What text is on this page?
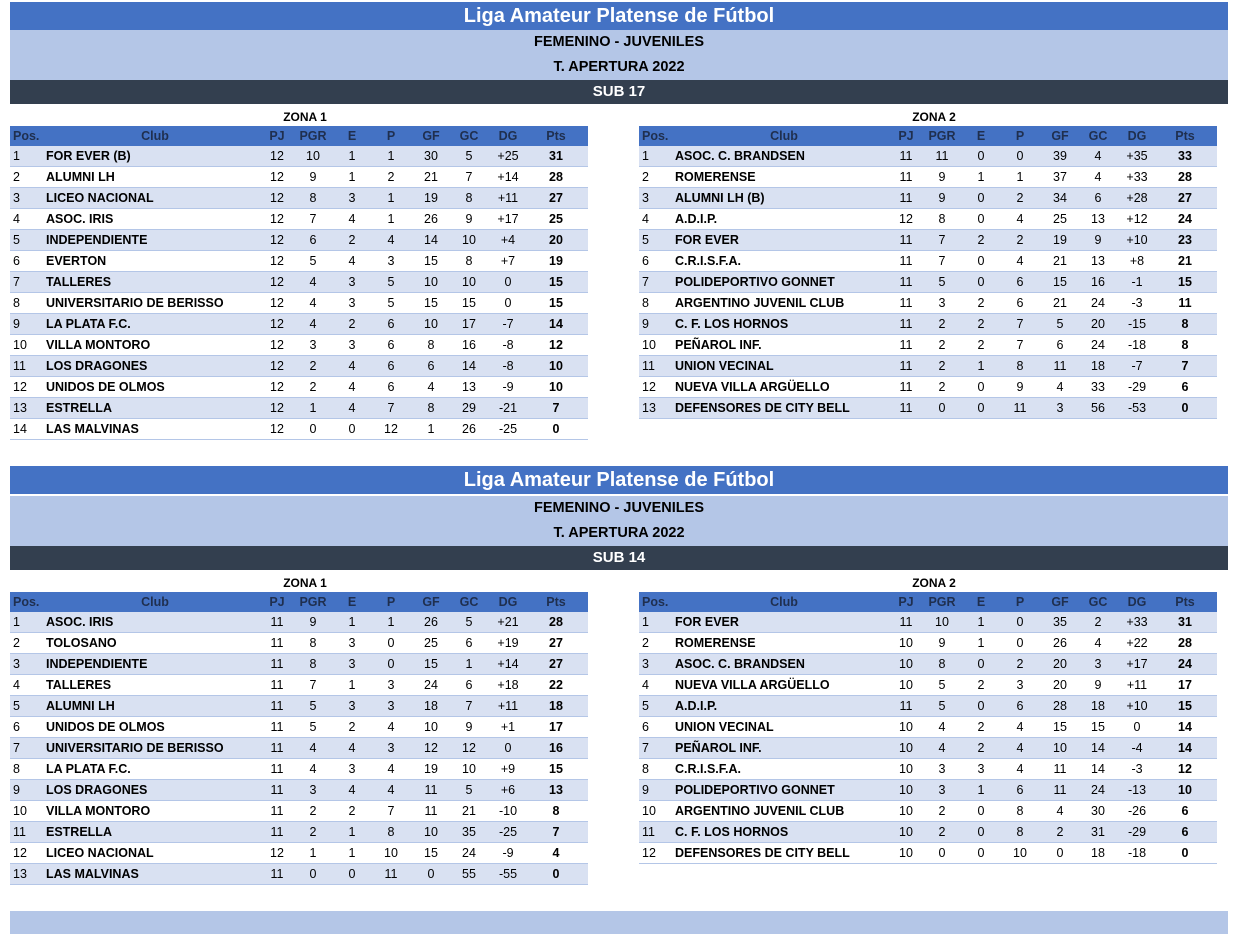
Liga Amateur Platense de Fútbol
FEMENINO - JUVENILES
T. APERTURA 2022
SUB 17
ZONA 1
Pos.	Club	PJ	PGR	E	P	GF	GC	DG	Pts
1	FOR EVER (B)	12	10	1	1	30	5	+25	31
2	ALUMNI LH	12	9	1	2	21	7	+14	28
3	LICEO NACIONAL	12	8	3	1	19	8	+11	27
4	ASOC. IRIS	12	7	4	1	26	9	+17	25
5	INDEPENDIENTE	12	6	2	4	14	10	+4	20
6	EVERTON	12	5	4	3	15	8	+7	19
7	TALLERES	12	4	3	5	10	10	0	15
8	UNIVERSITARIO DE BERISSO	12	4	3	5	15	15	0	15
9	LA PLATA F.C.	12	4	2	6	10	17	-7	14
10	VILLA MONTORO	12	3	3	6	8	16	-8	12
11	LOS DRAGONES	12	2	4	6	6	14	-8	10
12	UNIDOS DE OLMOS	12	2	4	6	4	13	-9	10
13	ESTRELLA	12	1	4	7	8	29	-21	7
14	LAS MALVINAS	12	0	0	12	1	26	-25	0
ZONA 2
Pos.	Club	PJ	PGR	E	P	GF	GC	DG	Pts
1	ASOC. C. BRANDSEN	11	11	0	0	39	4	+35	33
2	ROMERENSE	11	9	1	1	37	4	+33	28
3	ALUMNI LH (B)	11	9	0	2	34	6	+28	27
4	A.D.I.P.	12	8	0	4	25	13	+12	24
5	FOR EVER	11	7	2	2	19	9	+10	23
6	C.R.I.S.F.A.	11	7	0	4	21	13	+8	21
7	POLIDEPORTIVO GONNET	11	5	0	6	15	16	-1	15
8	ARGENTINO JUVENIL CLUB	11	3	2	6	21	24	-3	11
9	C. F. LOS HORNOS	11	2	2	7	5	20	-15	8
10	PEÑAROL INF.	11	2	2	7	6	24	-18	8
11	UNION VECINAL	11	2	1	8	11	18	-7	7
12	NUEVA VILLA ARGÜELLO	11	2	0	9	4	33	-29	6
13	DEFENSORES DE CITY BELL	11	0	0	11	3	56	-53	0
Liga Amateur Platense de Fútbol
FEMENINO - JUVENILES
T. APERTURA 2022
SUB 14
ZONA 1
Pos.	Club	PJ	PGR	E	P	GF	GC	DG	Pts
1	ASOC. IRIS	11	9	1	1	26	5	+21	28
2	TOLOSANO	11	8	3	0	25	6	+19	27
3	INDEPENDIENTE	11	8	3	0	15	1	+14	27
4	TALLERES	11	7	1	3	24	6	+18	22
5	ALUMNI LH	11	5	3	3	18	7	+11	18
6	UNIDOS DE OLMOS	11	5	2	4	10	9	+1	17
7	UNIVERSITARIO DE BERISSO	11	4	4	3	12	12	0	16
8	LA PLATA F.C.	11	4	3	4	19	10	+9	15
9	LOS DRAGONES	11	3	4	4	11	5	+6	13
10	VILLA MONTORO	11	2	2	7	11	21	-10	8
11	ESTRELLA	11	2	1	8	10	35	-25	7
12	LICEO NACIONAL	12	1	1	10	15	24	-9	4
13	LAS MALVINAS	11	0	0	11	0	55	-55	0
ZONA 2
Pos.	Club	PJ	PGR	E	P	GF	GC	DG	Pts
1	FOR EVER	11	10	1	0	35	2	+33	31
2	ROMERENSE	10	9	1	0	26	4	+22	28
3	ASOC. C. BRANDSEN	10	8	0	2	20	3	+17	24
4	NUEVA VILLA ARGÜELLO	10	5	2	3	20	9	+11	17
5	A.D.I.P.	11	5	0	6	28	18	+10	15
6	UNION VECINAL	10	4	2	4	15	15	0	14
7	PEÑAROL INF.	10	4	2	4	10	14	-4	14
8	C.R.I.S.F.A.	10	3	3	4	11	14	-3	12
9	POLIDEPORTIVO GONNET	10	3	1	6	11	24	-13	10
10	ARGENTINO JUVENIL CLUB	10	2	0	8	4	30	-26	6
11	C. F. LOS HORNOS	10	2	0	8	2	31	-29	6
12	DEFENSORES DE CITY BELL	10	0	0	10	0	18	-18	0
